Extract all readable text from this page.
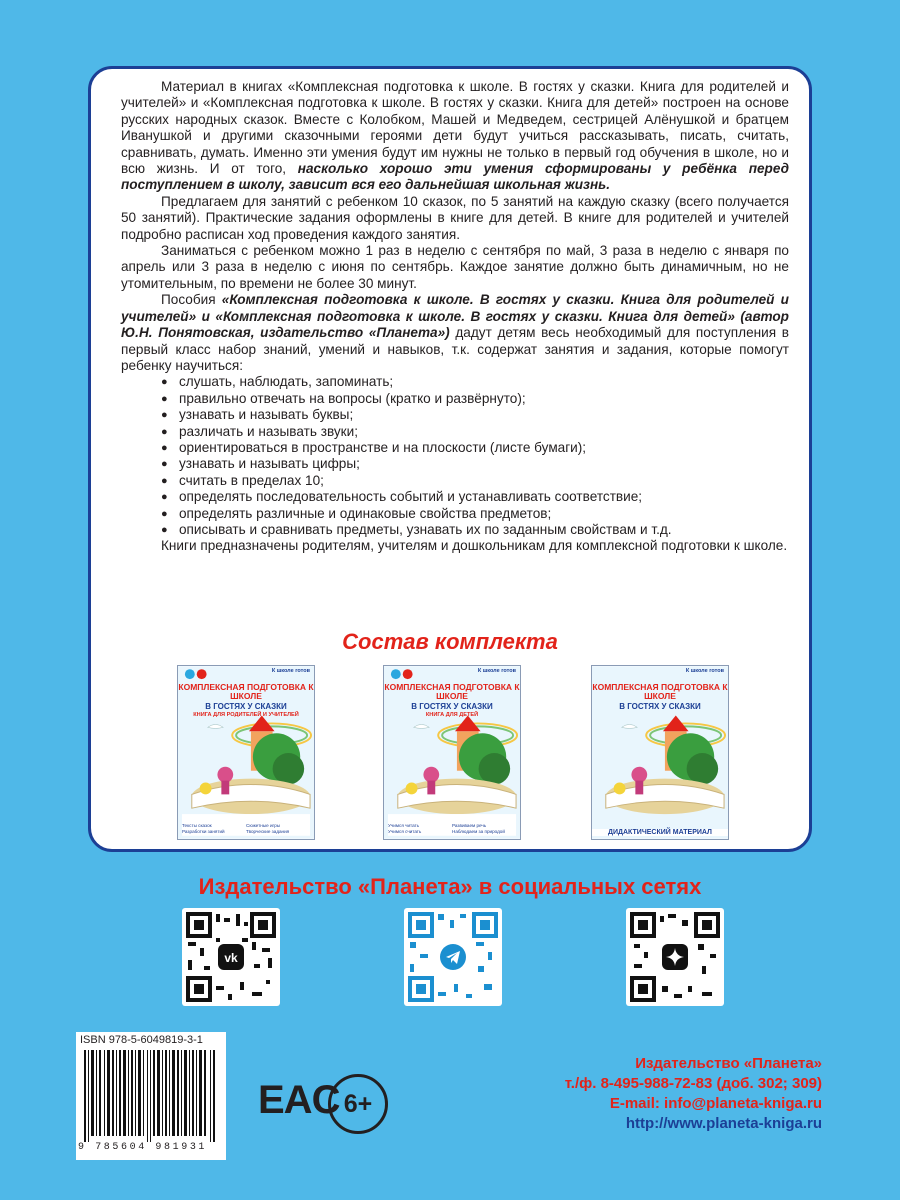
Материал в книгах «Комплексная подготовка к школе. В гостях у сказки. Книга для родителей и учителей» и «Комплексная подготовка к школе. В гостях у сказки. Книга для детей» построен на основе русских народных сказок. Вместе с Колобком, Машей и Медведем, сестрицей Алёнушкой и братцем Иванушкой и другими сказочными героями дети будут учиться рассказывать, писать, считать, сравнивать, думать. Именно эти умения будут им нужны не только в первый год обучения в школе, но и всю жизнь. И от того, насколько хорошо эти умения сформированы у ребёнка перед поступлением в школу, зависит вся его дальнейшая школьная жизнь.

Предлагаем для занятий с ребенком 10 сказок, по 5 занятий на каждую сказку (всего получается 50 занятий). Практические задания оформлены в книге для детей. В книге для родителей и учителей подробно расписан ход проведения каждого занятия.

Заниматься с ребенком можно 1 раз в неделю с сентября по май, 3 раза в неделю с января по апрель или 3 раза в неделю с июня по сентябрь. Каждое занятие должно быть динамичным, но не утомительным, по времени не более 30 минут.

Пособия «Комплексная подготовка к школе. В гостях у сказки. Книга для родителей и учителей» и «Комплексная подготовка к школе. В гостях у сказки. Книга для детей» (автор Ю.Н. Понятовская, издательство «Планета») дадут детям весь необходимый для поступления в первый класс набор знаний, умений и навыков, т.к. содержат занятия и задания, которые помогут ребенку научиться:

● слушать, наблюдать, запоминать;
● правильно отвечать на вопросы (кратко и развёрнуто);
● узнавать и называть буквы;
● различать и называть звуки;
● ориентироваться в пространстве и на плоскости (листе бумаги);
● узнавать и называть цифры;
● считать в пределах 10;
● определять последовательность событий и устанавливать соответствие;
● определять различные и одинаковые свойства предметов;
● описывать и сравнивать предметы, узнавать их по заданным свойствам и т.д.

Книги предназначены родителям, учителям и дошкольникам для комплексной подготовки к школе.

Состав комплекта
К школе готов
КОМПЛЕКСНАЯ ПОДГОТОВКА К ШКОЛЕ
В ГОСТЯХ У СКАЗКИ
КНИГА ДЛЯ РОДИТЕЛЕЙ И УЧИТЕЛЕЙ
Тексты сказок	Сюжетные игры
Разработки занятий	Творческие задания
К школе готов
КОМПЛЕКСНАЯ ПОДГОТОВКА К ШКОЛЕ
В ГОСТЯХ У СКАЗКИ
КНИГА ДЛЯ ДЕТЕЙ
Учимся читать	Развиваем речь
Учимся считать	Наблюдаем за природой
К школе готов
КОМПЛЕКСНАЯ ПОДГОТОВКА К ШКОЛЕ
В ГОСТЯХ У СКАЗКИ
ДИДАКТИЧЕСКИЙ МАТЕРИАЛ
Издательство «Планета» в социальных сетях
vk
ISBN 978-5-6049819-3-1
9 785604 981931
EAC 6+
Издательство «Планета»
т./ф. 8-495-988-72-83 (доб. 302; 309)
E-mail: info@planeta-kniga.ru
http://www.planeta-kniga.ru
